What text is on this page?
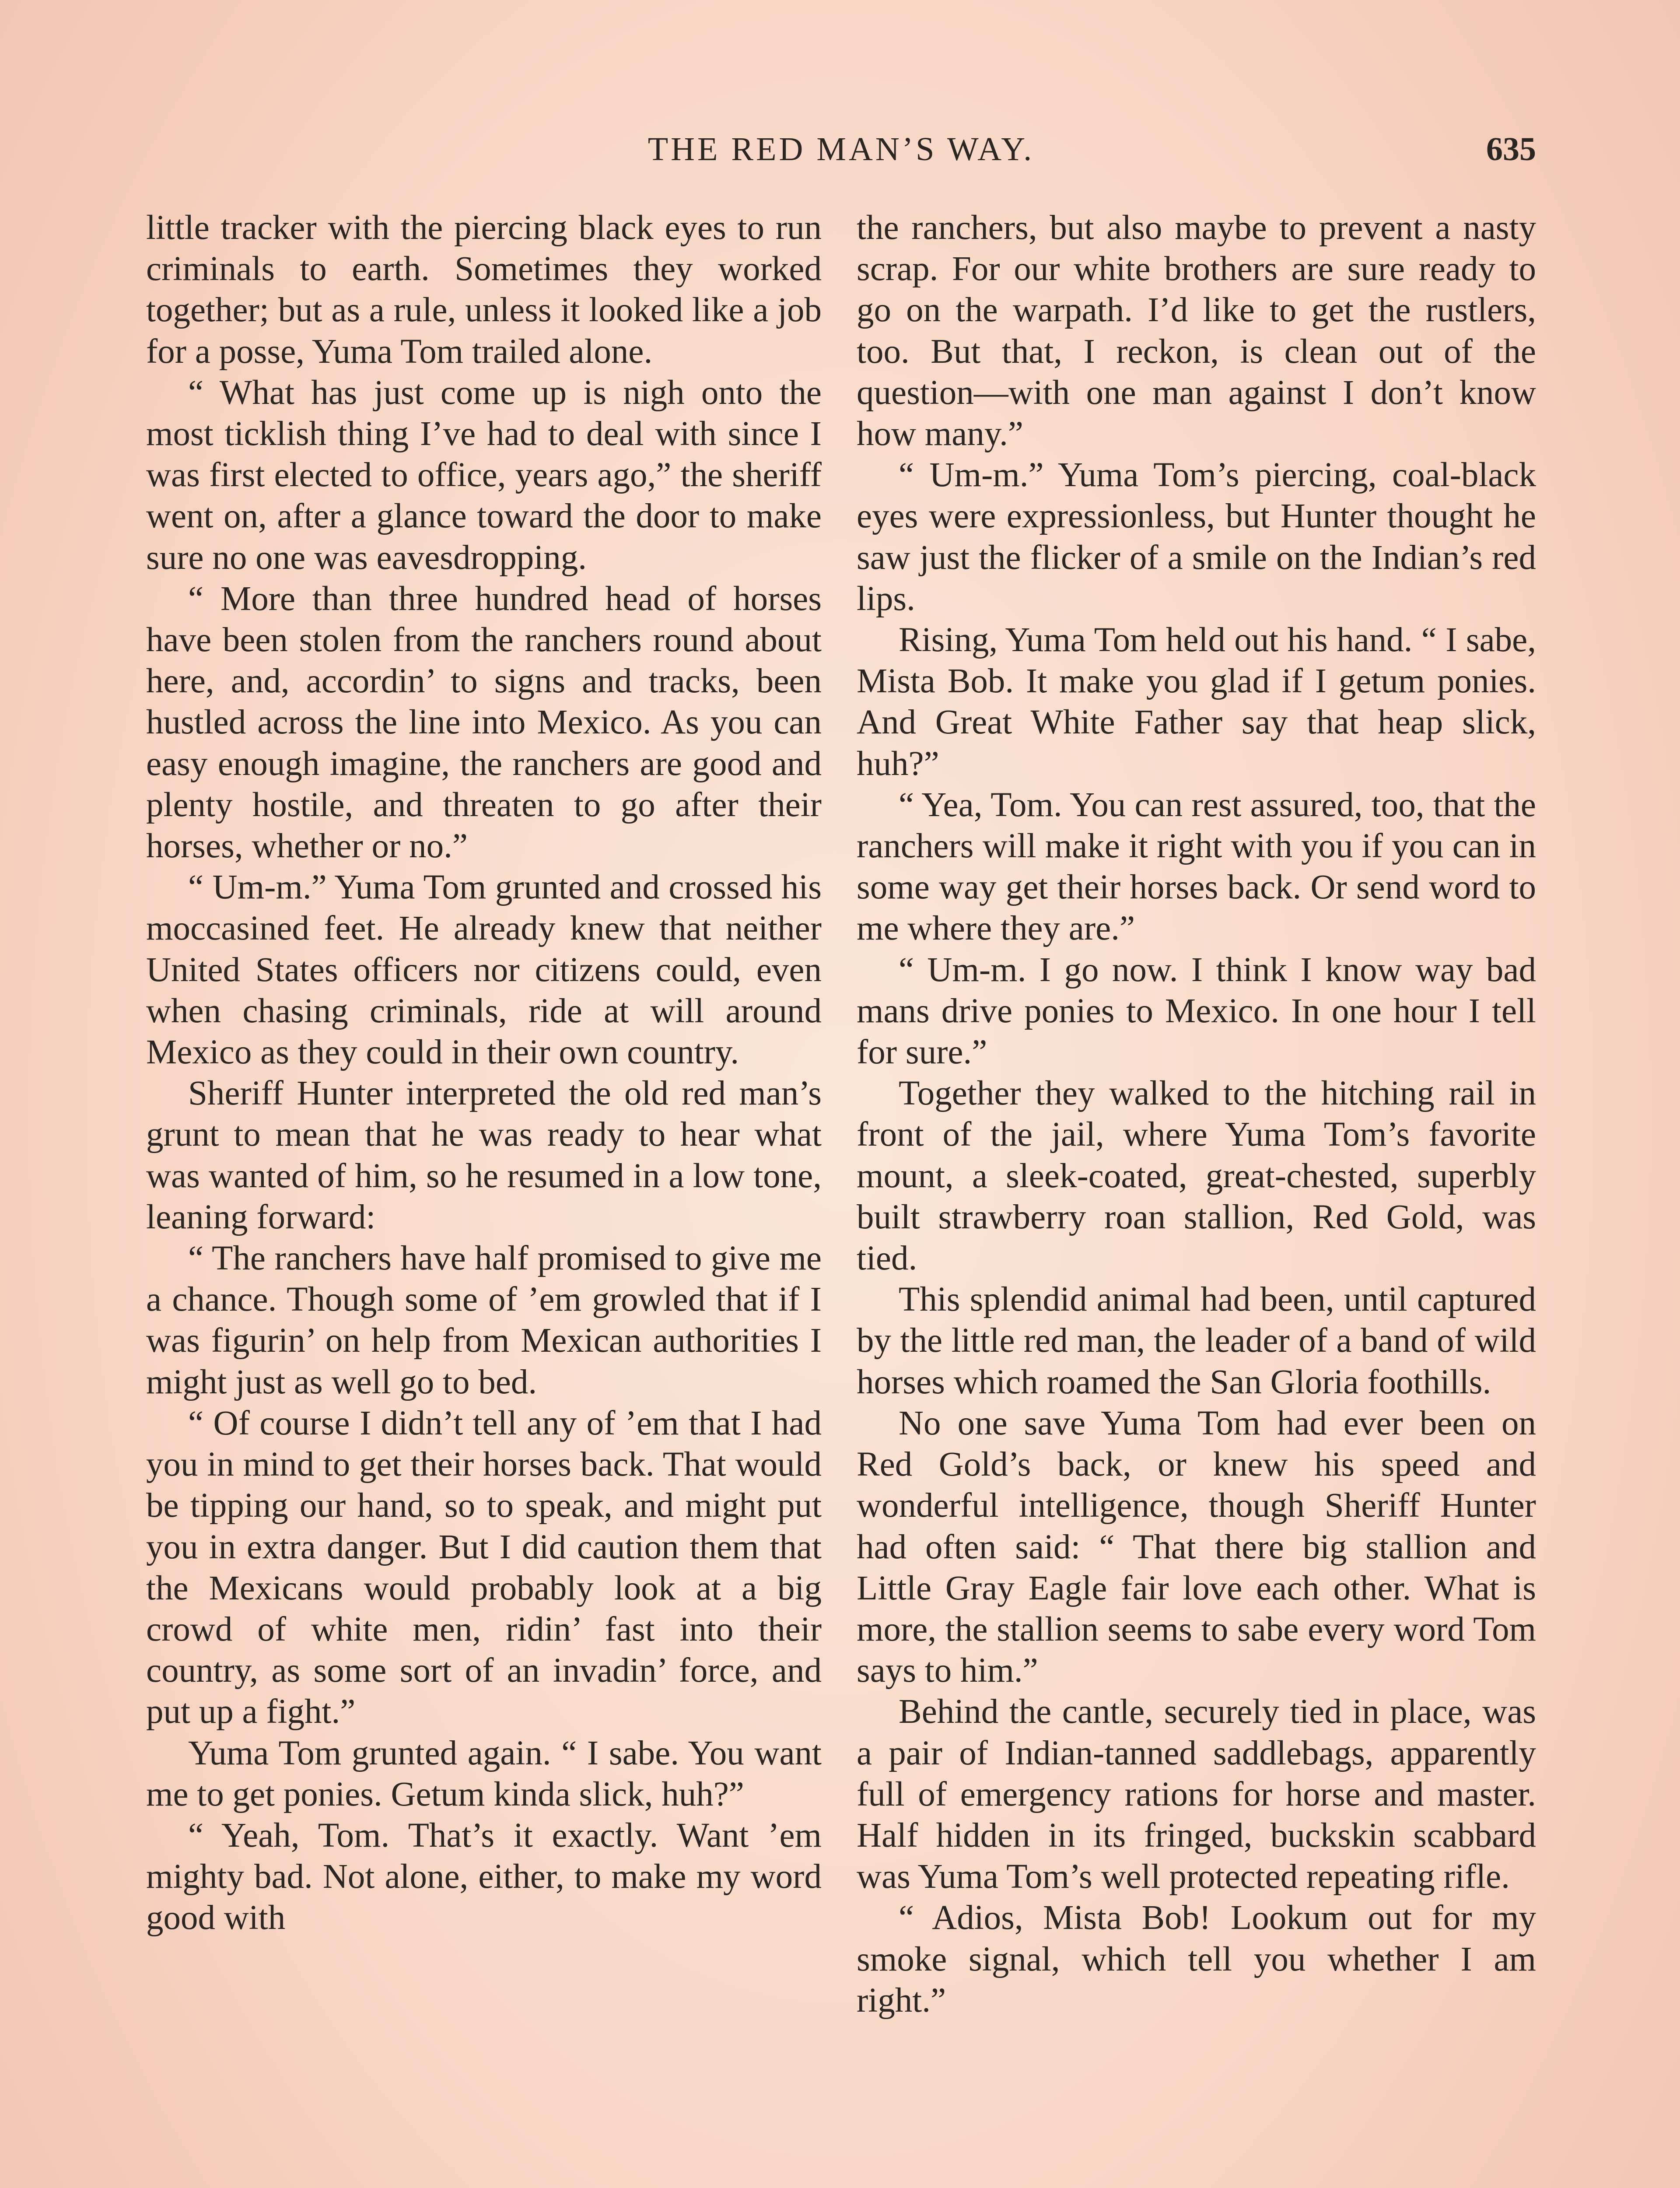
THE RED MAN’S WAY.	635

little tracker with the piercing black eyes to run criminals to earth. Sometimes they worked together; but as a rule, unless it looked like a job for a posse, Yuma Tom trailed alone.

“ What has just come up is nigh onto the most ticklish thing I’ve had to deal with since I was first elected to office, years ago,” the sheriff went on, after a glance toward the door to make sure no one was eavesdropping.

“ More than three hundred head of horses have been stolen from the ranchers round about here, and, accordin’ to signs and tracks, been hustled across the line into Mexico. As you can easy enough imagine, the ranchers are good and plenty hostile, and threaten to go after their horses, whether or no.”

“ Um-m.” Yuma Tom grunted and crossed his moccasined feet. He already knew that neither United States officers nor citizens could, even when chasing criminals, ride at will around Mexico as they could in their own country.

Sheriff Hunter interpreted the old red man’s grunt to mean that he was ready to hear what was wanted of him, so he resumed in a low tone, leaning forward:

“ The ranchers have half promised to give me a chance. Though some of ’em growled that if I was figurin’ on help from Mexican authorities I might just as well go to bed.

“ Of course I didn’t tell any of ’em that I had you in mind to get their horses back. That would be tipping our hand, so to speak, and might put you in extra danger. But I did caution them that the Mexicans would probably look at a big crowd of white men, ridin’ fast into their country, as some sort of an invadin’ force, and put up a fight.”

Yuma Tom grunted again. “ I sabe. You want me to get ponies. Getum kinda slick, huh?”

“ Yeah, Tom. That’s it exactly. Want ’em mighty bad. Not alone, either, to make my word good with

the ranchers, but also maybe to prevent a nasty scrap. For our white brothers are sure ready to go on the warpath. I’d like to get the rustlers, too. But that, I reckon, is clean out of the question—with one man against I don’t know how many.”

“ Um-m.” Yuma Tom’s piercing, coal-black eyes were expressionless, but Hunter thought he saw just the flicker of a smile on the Indian’s red lips.

Rising, Yuma Tom held out his hand. “ I sabe, Mista Bob. It make you glad if I getum ponies. And Great White Father say that heap slick, huh?”

“ Yea, Tom. You can rest assured, too, that the ranchers will make it right with you if you can in some way get their horses back. Or send word to me where they are.”

“ Um-m. I go now. I think I know way bad mans drive ponies to Mexico. In one hour I tell for sure.”

Together they walked to the hitching rail in front of the jail, where Yuma Tom’s favorite mount, a sleek-coated, great-chested, superbly built strawberry roan stallion, Red Gold, was tied.

This splendid animal had been, until captured by the little red man, the leader of a band of wild horses which roamed the San Gloria foothills.

No one save Yuma Tom had ever been on Red Gold’s back, or knew his speed and wonderful intelligence, though Sheriff Hunter had often said: “ That there big stallion and Little Gray Eagle fair love each other. What is more, the stallion seems to sabe every word Tom says to him.”

Behind the cantle, securely tied in place, was a pair of Indian-tanned saddlebags, apparently full of emergency rations for horse and master. Half hidden in its fringed, buckskin scabbard was Yuma Tom’s well protected repeating rifle.

“ Adios, Mista Bob! Lookum out for my smoke signal, which tell you whether I am right.”
